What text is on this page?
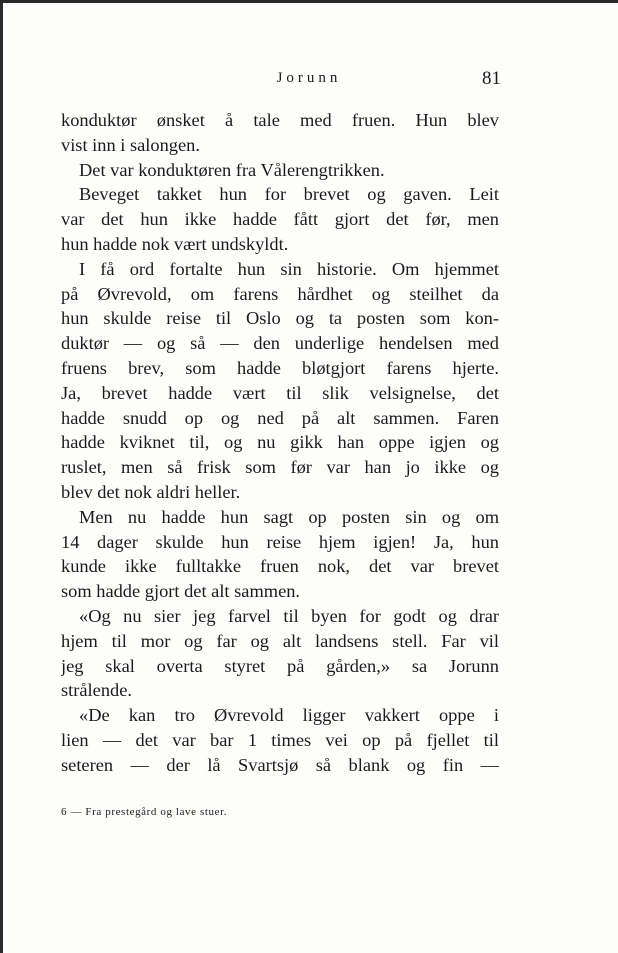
Jorunn	81
konduktør ønsket å tale med fruen. Hun blev
vist inn i salongen.
Det var konduktøren fra Vålerengtrikken.
Beveget takket hun for brevet og gaven. Leit
var det hun ikke hadde fått gjort det før, men
hun hadde nok vært undskyldt.
I få ord fortalte hun sin historie. Om hjemmet
på Øvrevold, om farens hårdhet og steilhet da
hun skulde reise til Oslo og ta posten som kon-
duktør — og så — den underlige hendelsen med
fruens brev, som hadde bløtgjort farens hjerte.
Ja, brevet hadde vært til slik velsignelse, det
hadde snudd op og ned på alt sammen. Faren
hadde kviknet til, og nu gikk han oppe igjen og
ruslet, men så frisk som før var han jo ikke og
blev det nok aldri heller.
Men nu hadde hun sagt op posten sin og om
14 dager skulde hun reise hjem igjen! Ja, hun
kunde ikke fulltakke fruen nok, det var brevet
som hadde gjort det alt sammen.
«Og nu sier jeg farvel til byen for godt og drar
hjem til mor og far og alt landsens stell. Far vil
jeg skal overta styret på gården,» sa Jorunn
strålende.
«De kan tro Øvrevold ligger vakkert oppe i
lien — det var bar 1 times vei op på fjellet til
seteren — der lå Svartsjø så blank og fin —
6 — Fra prestegård og lave stuer.
